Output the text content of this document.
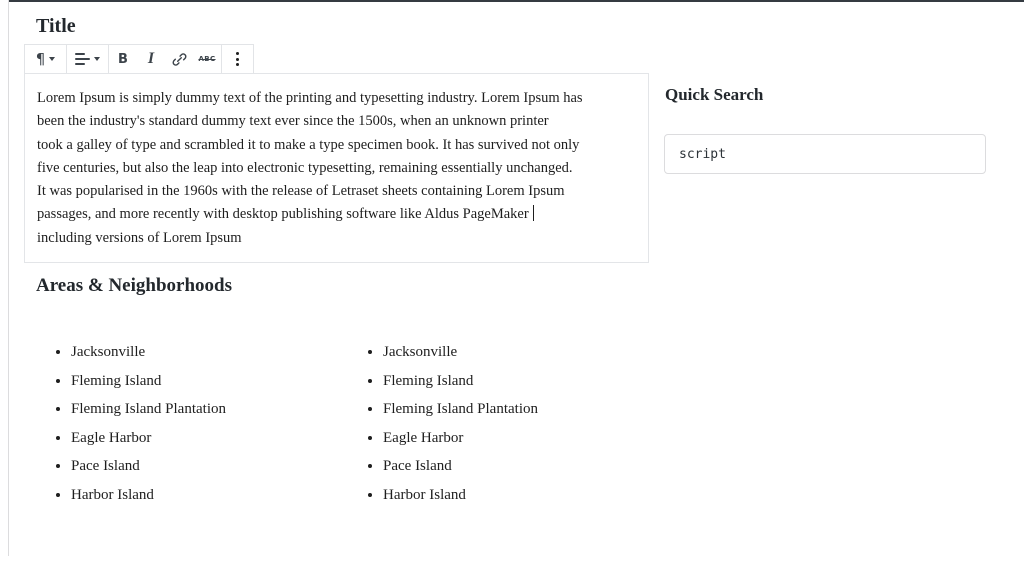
Title
¶	B I	ABC
Lorem Ipsum is simply dummy text of the printing and typesetting industry. Lorem Ipsum has
been the industry's standard dummy text ever since the 1500s, when an unknown printer
took a galley of type and scrambled it to make a type specimen book. It has survived not only
five centuries, but also the leap into electronic typesetting, remaining essentially unchanged.
It was popularised in the 1960s with the release of Letraset sheets containing Lorem Ipsum
passages, and more recently with desktop publishing software like Aldus PageMaker
including versions of Lorem Ipsum
Quick Search
script
Areas & Neighborhoods
• Jacksonville
• Fleming Island
• Fleming Island Plantation
• Eagle Harbor
• Pace Island
• Harbor Island
• Jacksonville
• Fleming Island
• Fleming Island Plantation
• Eagle Harbor
• Pace Island
• Harbor Island
